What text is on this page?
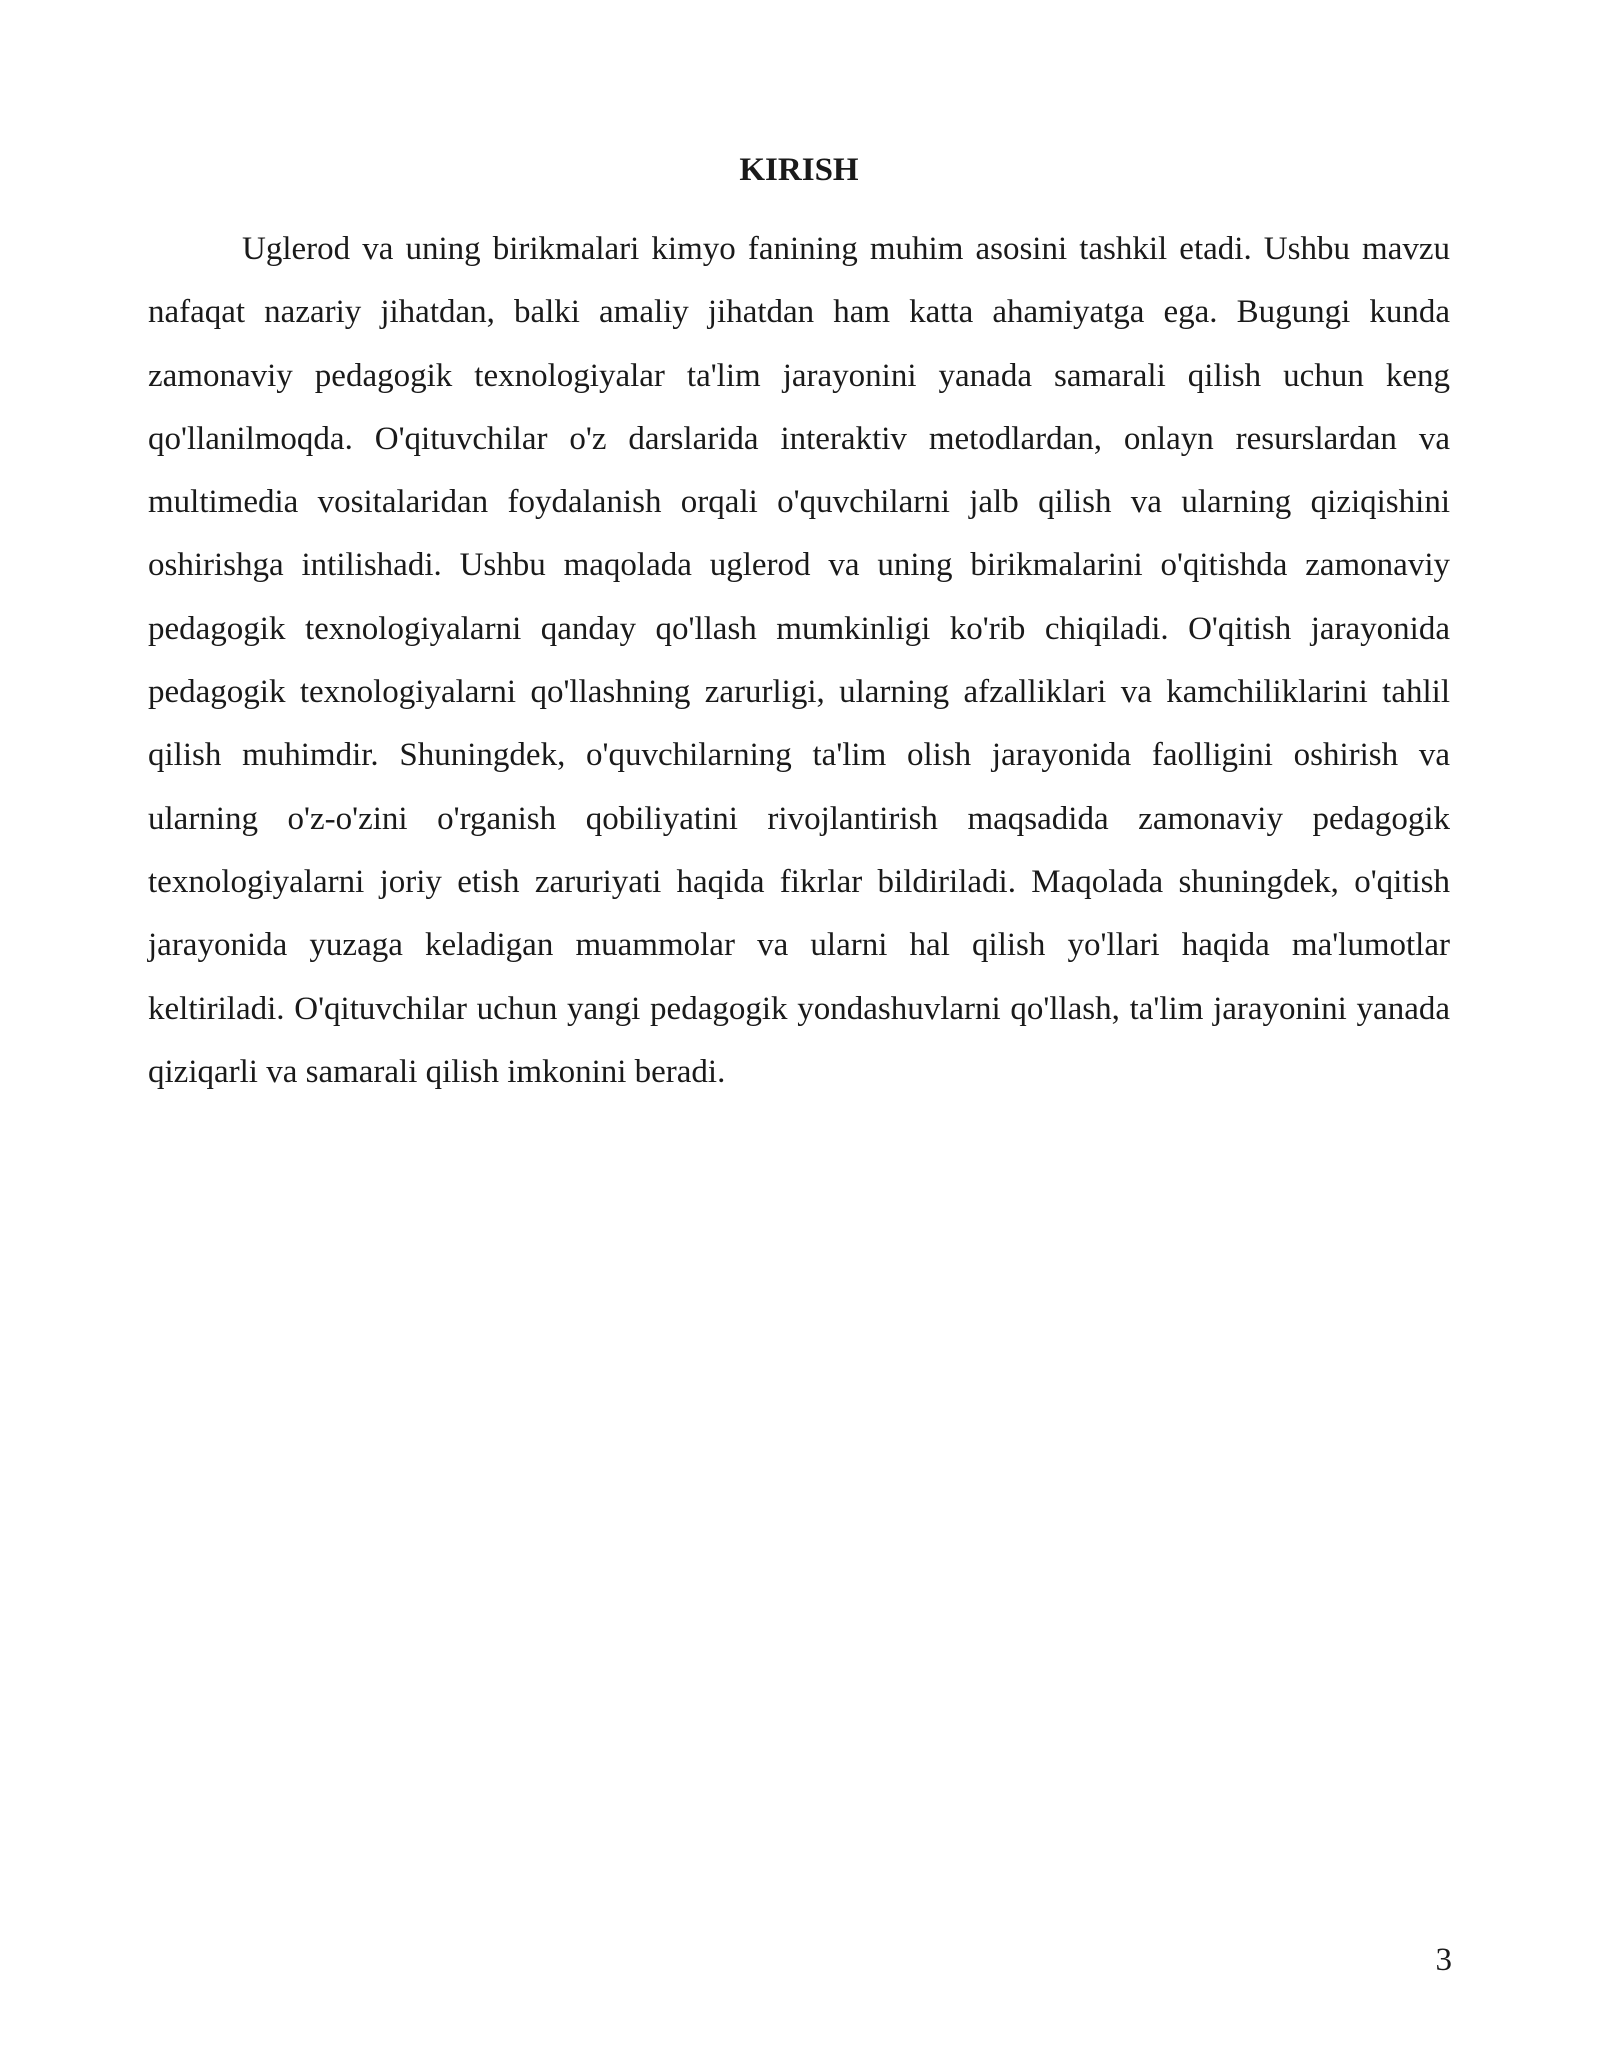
KIRISH

Uglerod va uning birikmalari kimyo fanining muhim asosini tashkil etadi. Ushbu mavzu nafaqat nazariy jihatdan, balki amaliy jihatdan ham katta ahamiyatga ega. Bugungi kunda zamonaviy pedagogik texnologiyalar ta'lim jarayonini yanada samarali qilish uchun keng qo'llanilmoqda. O'qituvchilar o'z darslarida interaktiv metodlardan, onlayn resurslardan va multimedia vositalaridan foydalanish orqali o'quvchilarni jalb qilish va ularning qiziqishini oshirishga intilishadi. Ushbu maqolada uglerod va uning birikmalarini o'qitishda zamonaviy pedagogik texnologiyalarni qanday qo'llash mumkinligi ko'rib chiqiladi. O'qitish jarayonida pedagogik texnologiyalarni qo'llashning zarurligi, ularning afzalliklari va kamchiliklarini tahlil qilish muhimdir. Shuningdek, o'quvchilarning ta'lim olish jarayonida faolligini oshirish va ularning o'z-o'zini o'rganish qobiliyatini rivojlantirish maqsadida zamonaviy pedagogik texnologiyalarni joriy etish zaruriyati haqida fikrlar bildiriladi. Maqolada shuningdek, o'qitish jarayonida yuzaga keladigan muammolar va ularni hal qilish yo'llari haqida ma'lumotlar keltiriladi. O'qituvchilar uchun yangi pedagogik yondashuvlarni qo'llash, ta'lim jarayonini yanada qiziqarli va samarali qilish imkonini beradi.

3
